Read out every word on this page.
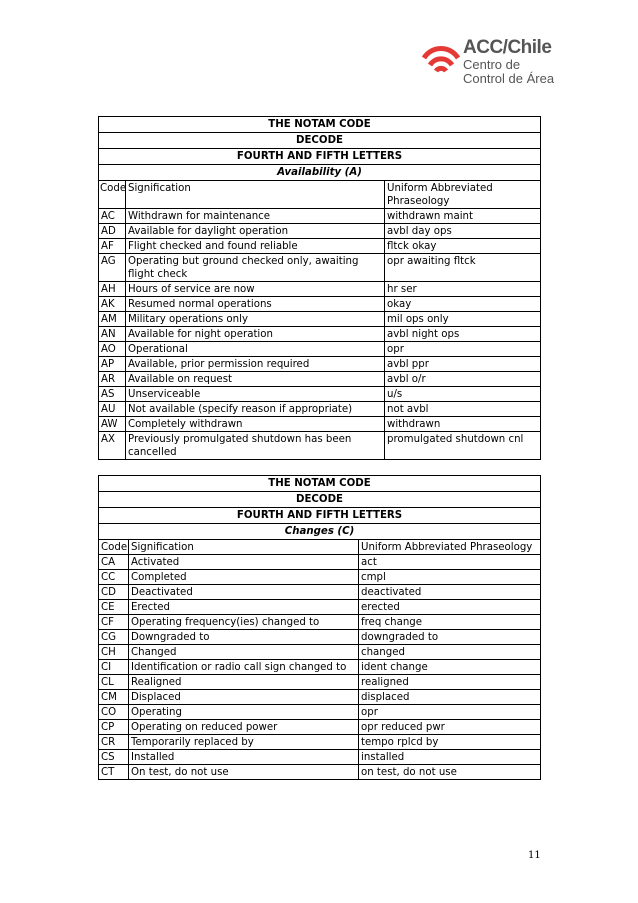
ACC/Chile
Centro de
Control de Área
THE NOTAM CODE		
DECODE		
FOURTH AND FIFTH LETTERS		
Availability (A)		
Code	Signification	Uniform Abbreviated Phraseology
AC	Withdrawn for maintenance	withdrawn maint
AD	Available for daylight operation	avbl day ops
AF	Flight checked and found reliable	fltck okay
AG	Operating but ground checked only, awaiting flight check	opr awaiting fltck
AH	Hours of service are now	hr ser
AK	Resumed normal operations	okay
AM	Military operations only	mil ops only
AN	Available for night operation	avbl night ops
AO	Operational	opr
AP	Available, prior permission required	avbl ppr
AR	Available on request	avbl o/r
AS	Unserviceable	u/s
AU	Not available (specify reason if appropriate)	not avbl
AW	Completely withdrawn	withdrawn
AX	Previously promulgated shutdown has been cancelled	promulgated shutdown cnl
THE NOTAM CODE		
DECODE		
FOURTH AND FIFTH LETTERS		
Changes (C)		
Code	Signification	Uniform Abbreviated Phraseology
CA	Activated	act
CC	Completed	cmpl
CD	Deactivated	deactivated
CE	Erected	erected
CF	Operating frequency(ies) changed to	freq change
CG	Downgraded to	downgraded to
CH	Changed	changed
CI	Identification or radio call sign changed to	ident change
CL	Realigned	realigned
CM	Displaced	displaced
CO	Operating	opr
CP	Operating on reduced power	opr reduced pwr
CR	Temporarily replaced by	tempo rplcd by
CS	Installed	installed
CT	On test, do not use	on test, do not use
11
